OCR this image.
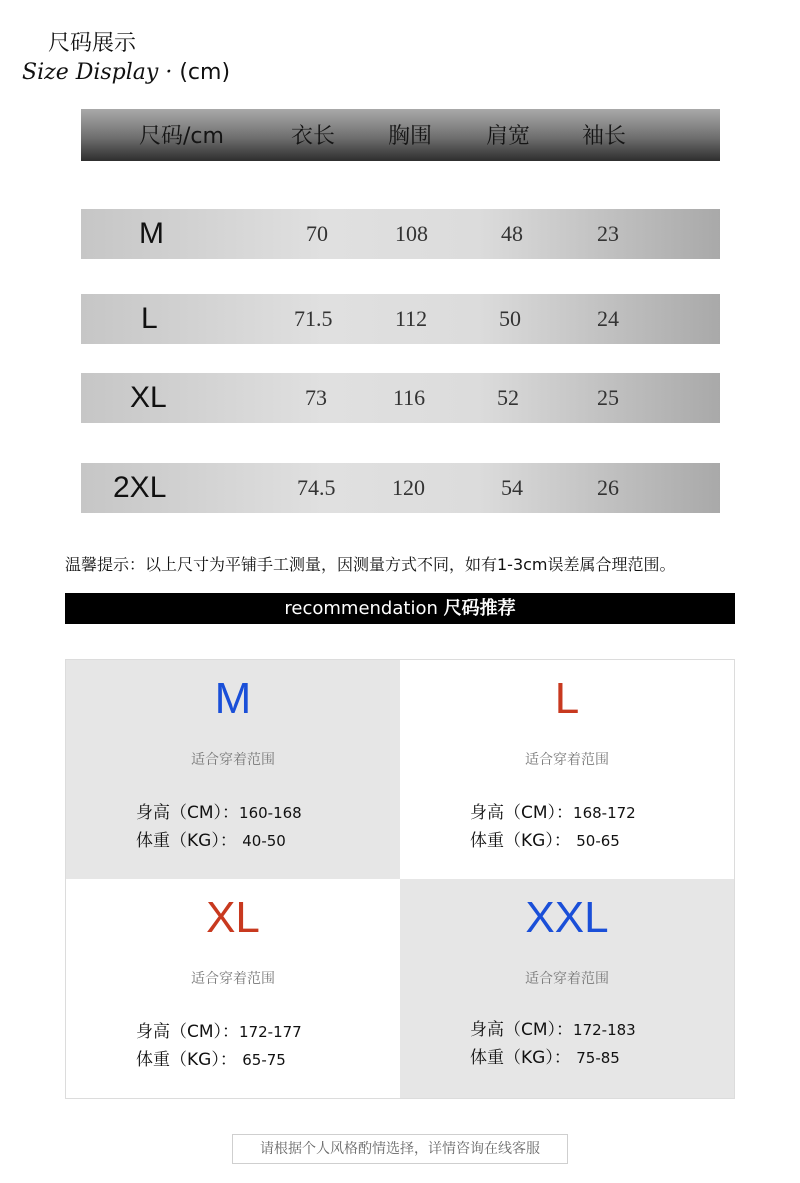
尺码展示
Size Display · (cm)
尺码/cm	衣长 胸围 肩宽 袖长
M	70	108	48	23
L	71.5	112	50	24
XL	73	116	52	25
2XL	74.5	120	54	26
温馨提示：以上尺寸为平铺手工测量，因测量方式不同，如有1-3cm误差属合理范围。
recommendation 尺码推荐
M
适合穿着范围
身高（CM）：160-168
体重（KG）： 40-50
L
适合穿着范围
身高（CM）：168-172
体重（KG）： 50-65
XL
适合穿着范围
身高（CM）：172-177
体重（KG）： 65-75
XXL
适合穿着范围
身高（CM）：172-183
体重（KG）： 75-85
请根据个人风格酌情选择，详情咨询在线客服
